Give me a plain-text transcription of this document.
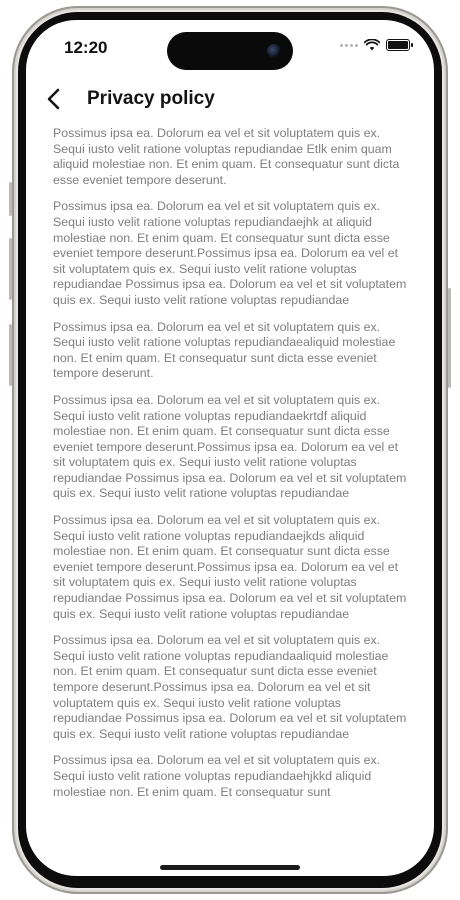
12:20
Privacy policy

Possimus ipsa ea. Dolorum ea vel et sit voluptatem quis ex. Sequi iusto velit ratione voluptas repudiandae Etlk enim quam aliquid molestiae non. Et enim quam. Et consequatur sunt dicta esse eveniet tempore deserunt.

Possimus ipsa ea. Dolorum ea vel et sit voluptatem quis ex. Sequi iusto velit ratione voluptas repudiandaejhk at aliquid molestiae non. Et enim quam. Et consequatur sunt dicta esse eveniet tempore deserunt.Possimus ipsa ea. Dolorum ea vel et sit voluptatem quis ex. Sequi iusto velit ratione voluptas repudiandae Possimus ipsa ea. Dolorum ea vel et sit voluptatem quis ex. Sequi iusto velit ratione voluptas repudiandae

Possimus ipsa ea. Dolorum ea vel et sit voluptatem quis ex. Sequi iusto velit ratione voluptas repudiandaealiquid molestiae non. Et enim quam. Et consequatur sunt dicta esse eveniet tempore deserunt.

Possimus ipsa ea. Dolorum ea vel et sit voluptatem quis ex. Sequi iusto velit ratione voluptas repudiandaekrtdf aliquid molestiae non. Et enim quam. Et consequatur sunt dicta esse eveniet tempore deserunt.Possimus ipsa ea. Dolorum ea vel et sit voluptatem quis ex. Sequi iusto velit ratione voluptas repudiandae Possimus ipsa ea. Dolorum ea vel et sit voluptatem quis ex. Sequi iusto velit ratione voluptas repudiandae

Possimus ipsa ea. Dolorum ea vel et sit voluptatem quis ex. Sequi iusto velit ratione voluptas repudiandaejkds aliquid molestiae non. Et enim quam. Et consequatur sunt dicta esse eveniet tempore deserunt.Possimus ipsa ea. Dolorum ea vel et sit voluptatem quis ex. Sequi iusto velit ratione voluptas repudiandae Possimus ipsa ea. Dolorum ea vel et sit voluptatem quis ex. Sequi iusto velit ratione voluptas repudiandae

Possimus ipsa ea. Dolorum ea vel et sit voluptatem quis ex. Sequi iusto velit ratione voluptas repudiandaaliquid molestiae non. Et enim quam. Et consequatur sunt dicta esse eveniet tempore deserunt.Possimus ipsa ea. Dolorum ea vel et sit voluptatem quis ex. Sequi iusto velit ratione voluptas repudiandae Possimus ipsa ea. Dolorum ea vel et sit voluptatem quis ex. Sequi iusto velit ratione voluptas repudiandae

Possimus ipsa ea. Dolorum ea vel et sit voluptatem quis ex. Sequi iusto velit ratione voluptas repudiandaehjkkd aliquid molestiae non. Et enim quam. Et consequatur sunt
